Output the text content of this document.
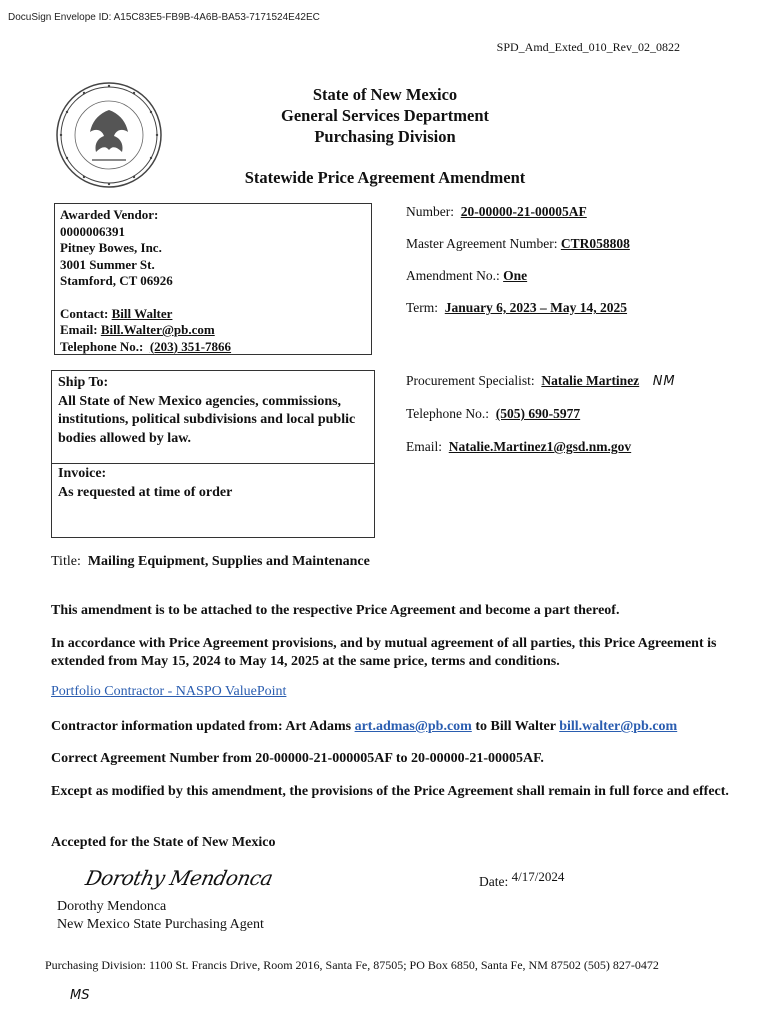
DocuSign Envelope ID: A15C83E5-FB9B-4A6B-BA53-7171524E42EC
SPD_Amd_Exted_010_Rev_02_0822
State of New Mexico
General Services Department
Purchasing Division
Statewide Price Agreement Amendment
Awarded Vendor:
0000006391
Pitney Bowes, Inc.
3001 Summer St.
Stamford, CT 06926
Contact: Bill Walter
Email: Bill.Walter@pb.com
Telephone No.: (203) 351-7866
Ship To:
All State of New Mexico agencies, commissions, institutions, political subdivisions and local public bodies allowed by law.
Invoice:
As requested at time of order
Number: 20-00000-21-00005AF
Master Agreement Number: CTR058808
Amendment No.: One
Term: January 6, 2023 – May 14, 2025
Procurement Specialist: Natalie Martinez NM
Telephone No.: (505) 690-5977
Email: Natalie.Martinez1@gsd.nm.gov
Title: Mailing Equipment, Supplies and Maintenance
This amendment is to be attached to the respective Price Agreement and become a part thereof.
In accordance with Price Agreement provisions, and by mutual agreement of all parties, this Price Agreement is extended from May 15, 2024 to May 14, 2025 at the same price, terms and conditions.
Portfolio Contractor - NASPO ValuePoint
Contractor information updated from: Art Adams art.admas@pb.com to Bill Walter bill.walter@pb.com
Correct Agreement Number from 20-00000-21-000005AF to 20-00000-21-00005AF.
Except as modified by this amendment, the provisions of the Price Agreement shall remain in full force and effect.
Accepted for the State of New Mexico
Dorothy Mendonca	Date: 4/17/2024
Dorothy Mendonca
New Mexico State Purchasing Agent
Purchasing Division: 1100 St. Francis Drive, Room 2016, Santa Fe, 87505; PO Box 6850, Santa Fe, NM 87502 (505) 827-0472
MS
